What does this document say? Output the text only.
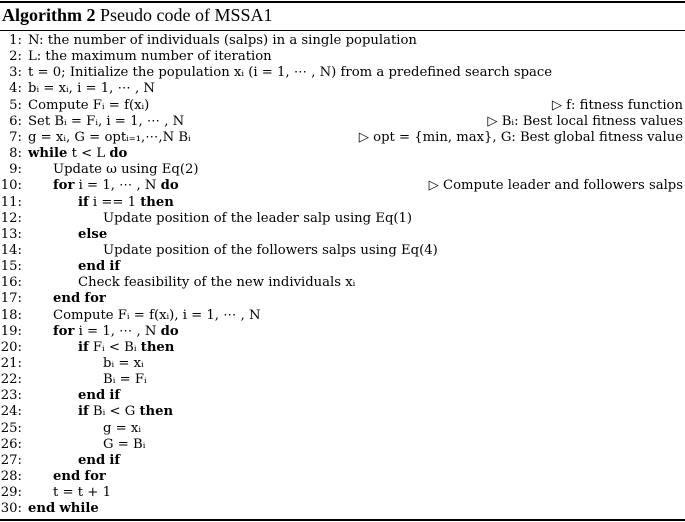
Algorithm 2 Pseudo code of MSSA1
1: N: the number of individuals (salps) in a single population
2: L: the maximum number of iteration
3: t = 0; Initialize the population xᵢ (i = 1, ⋯ , N) from a predefined search space
4: bᵢ = xᵢ, i = 1, ⋯ , N
5: Compute Fᵢ = f(xᵢ)	▷ f: fitness function
6: Set Bᵢ = Fᵢ, i = 1, ⋯ , N	▷ Bᵢ: Best local fitness values
7: g = xᵢ, G = optᵢ₌₁,⋯,N Bᵢ	▷ opt = {min, max}, G: Best global fitness value
8: while t < L do
9: Update ω using Eq(2)
10: for i = 1, ⋯ , N do	▷ Compute leader and followers salps
11:	if i == 1 then
12:	Update position of the leader salp using Eq(1)
13:	else
14:	Update position of the followers salps using Eq(4)
15:	end if
16:	Check feasibility of the new individuals xᵢ
17: end for
18: Compute Fᵢ = f(xᵢ), i = 1, ⋯ , N
19: for i = 1, ⋯ , N do
20:	if Fᵢ < Bᵢ then
21:	bᵢ = xᵢ
22:	Bᵢ = Fᵢ
23:	end if
24:	if Bᵢ < G then
25:	g = xᵢ
26:	G = Bᵢ
27:	end if
28: end for
29: t = t + 1
30: end while
